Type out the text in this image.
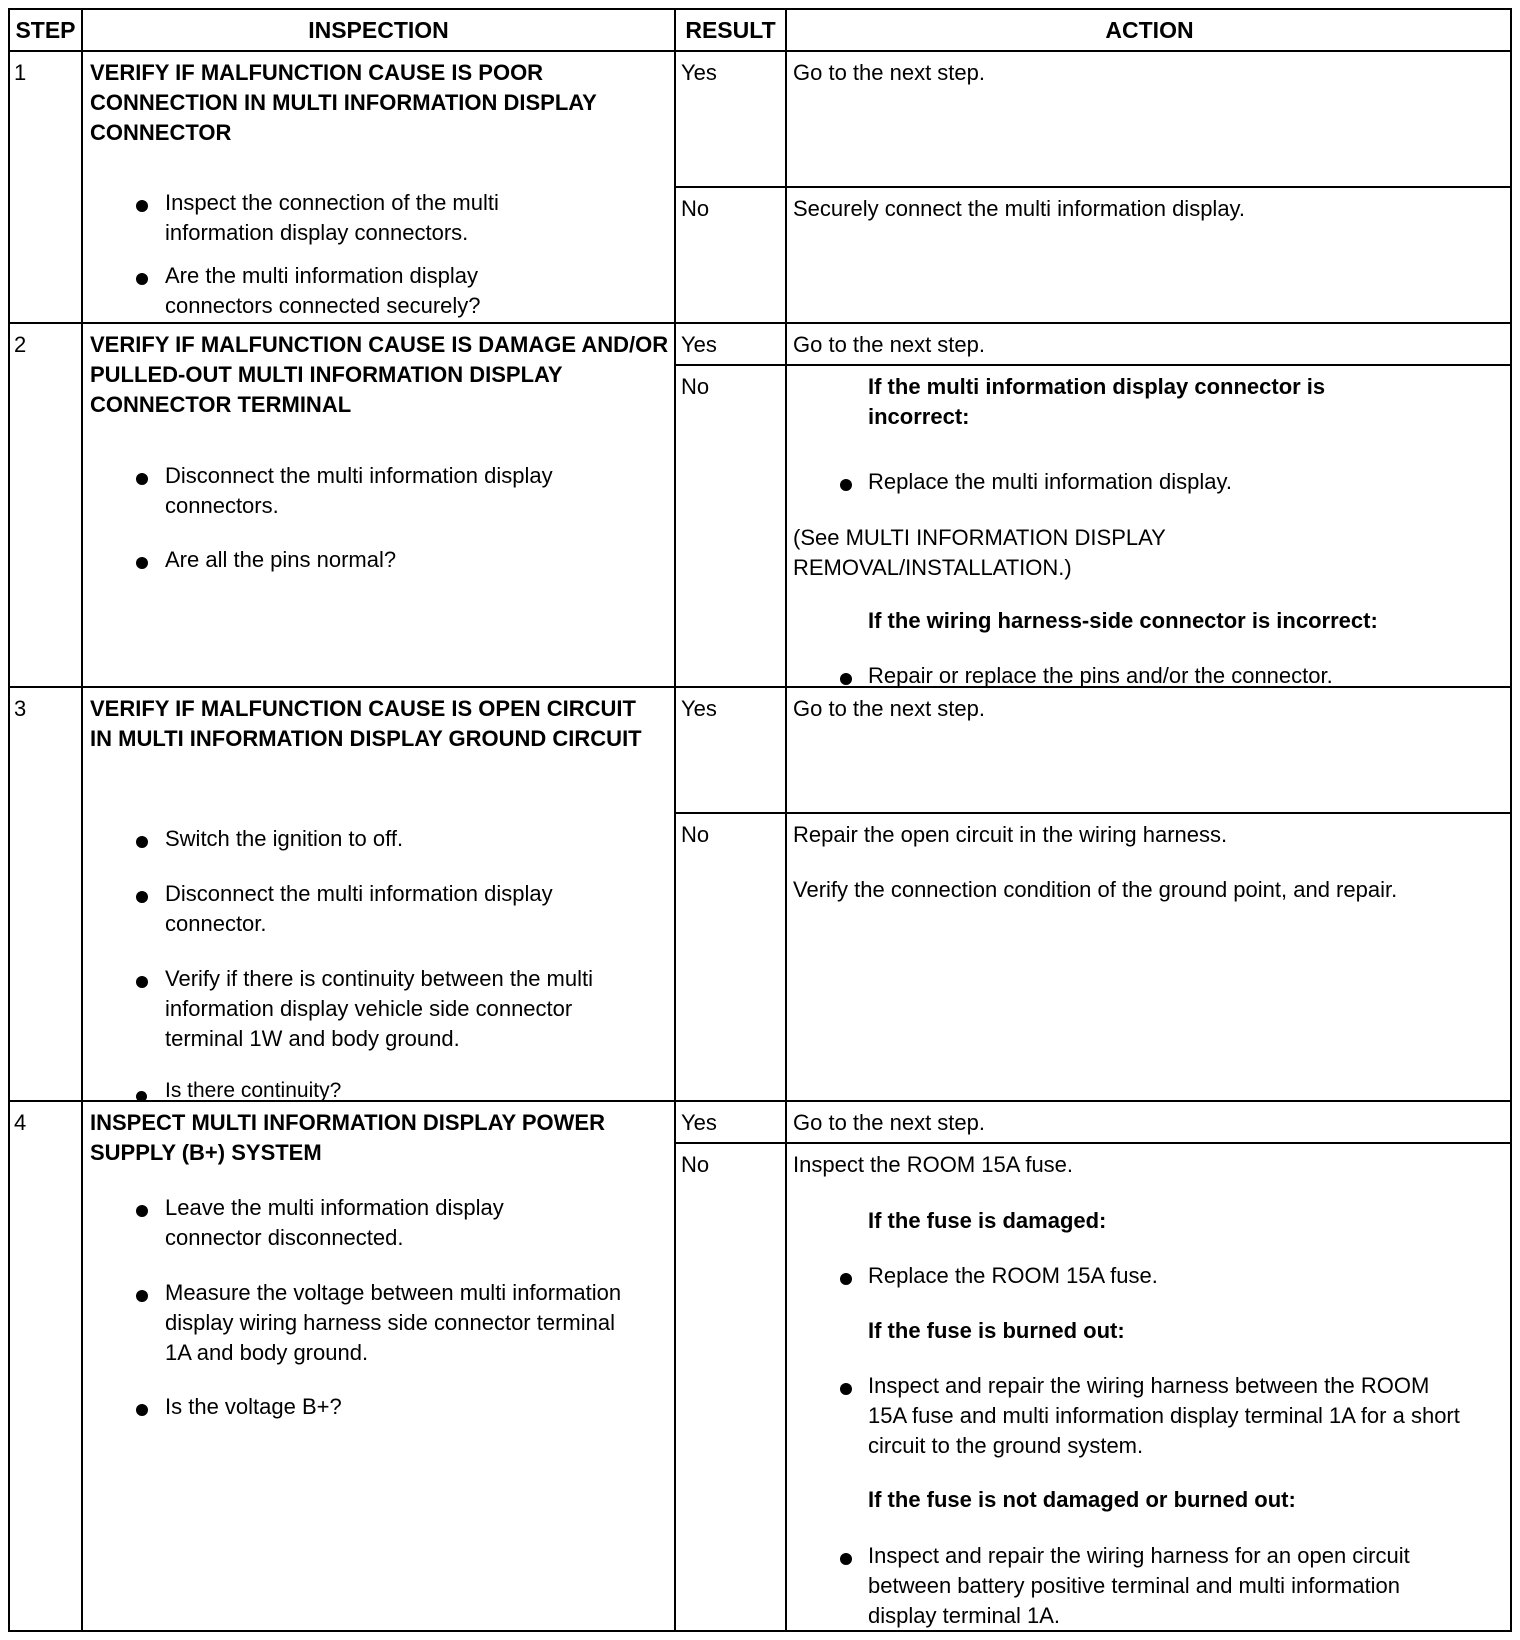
STEP	INSPECTION	RESULT	ACTION
1	VERIFY IF MALFUNCTION CAUSE IS POOR CONNECTION IN MULTI INFORMATION DISPLAY CONNECTOR
Inspect the connection of the multi information display connectors.
Are the multi information display connectors connected securely?
Yes	Go to the next step.
No	Securely connect the multi information display.
2	VERIFY IF MALFUNCTION CAUSE IS DAMAGE AND/OR PULLED-OUT MULTI INFORMATION DISPLAY CONNECTOR TERMINAL
Disconnect the multi information display connectors.
Are all the pins normal?
Yes	Go to the next step.
No	If the multi information display connector is incorrect:
Replace the multi information display.
(See MULTI INFORMATION DISPLAY REMOVAL/INSTALLATION.)
If the wiring harness-side connector is incorrect:
Repair or replace the pins and/or the connector.
3	VERIFY IF MALFUNCTION CAUSE IS OPEN CIRCUIT IN MULTI INFORMATION DISPLAY GROUND CIRCUIT
Switch the ignition to off.
Disconnect the multi information display connector.
Verify if there is continuity between the multi information display vehicle side connector terminal 1W and body ground.
Is there continuity?
Yes	Go to the next step.
No	Repair the open circuit in the wiring harness.
Verify the connection condition of the ground point, and repair.
4	INSPECT MULTI INFORMATION DISPLAY POWER SUPPLY (B+) SYSTEM
Leave the multi information display connector disconnected.
Measure the voltage between multi information display wiring harness side connector terminal 1A and body ground.
Is the voltage B+?
Yes	Go to the next step.
No	Inspect the ROOM 15A fuse.
If the fuse is damaged:
Replace the ROOM 15A fuse.
If the fuse is burned out:
Inspect and repair the wiring harness between the ROOM 15A fuse and multi information display terminal 1A for a short circuit to the ground system.
If the fuse is not damaged or burned out:
Inspect and repair the wiring harness for an open circuit between battery positive terminal and multi information display terminal 1A.
